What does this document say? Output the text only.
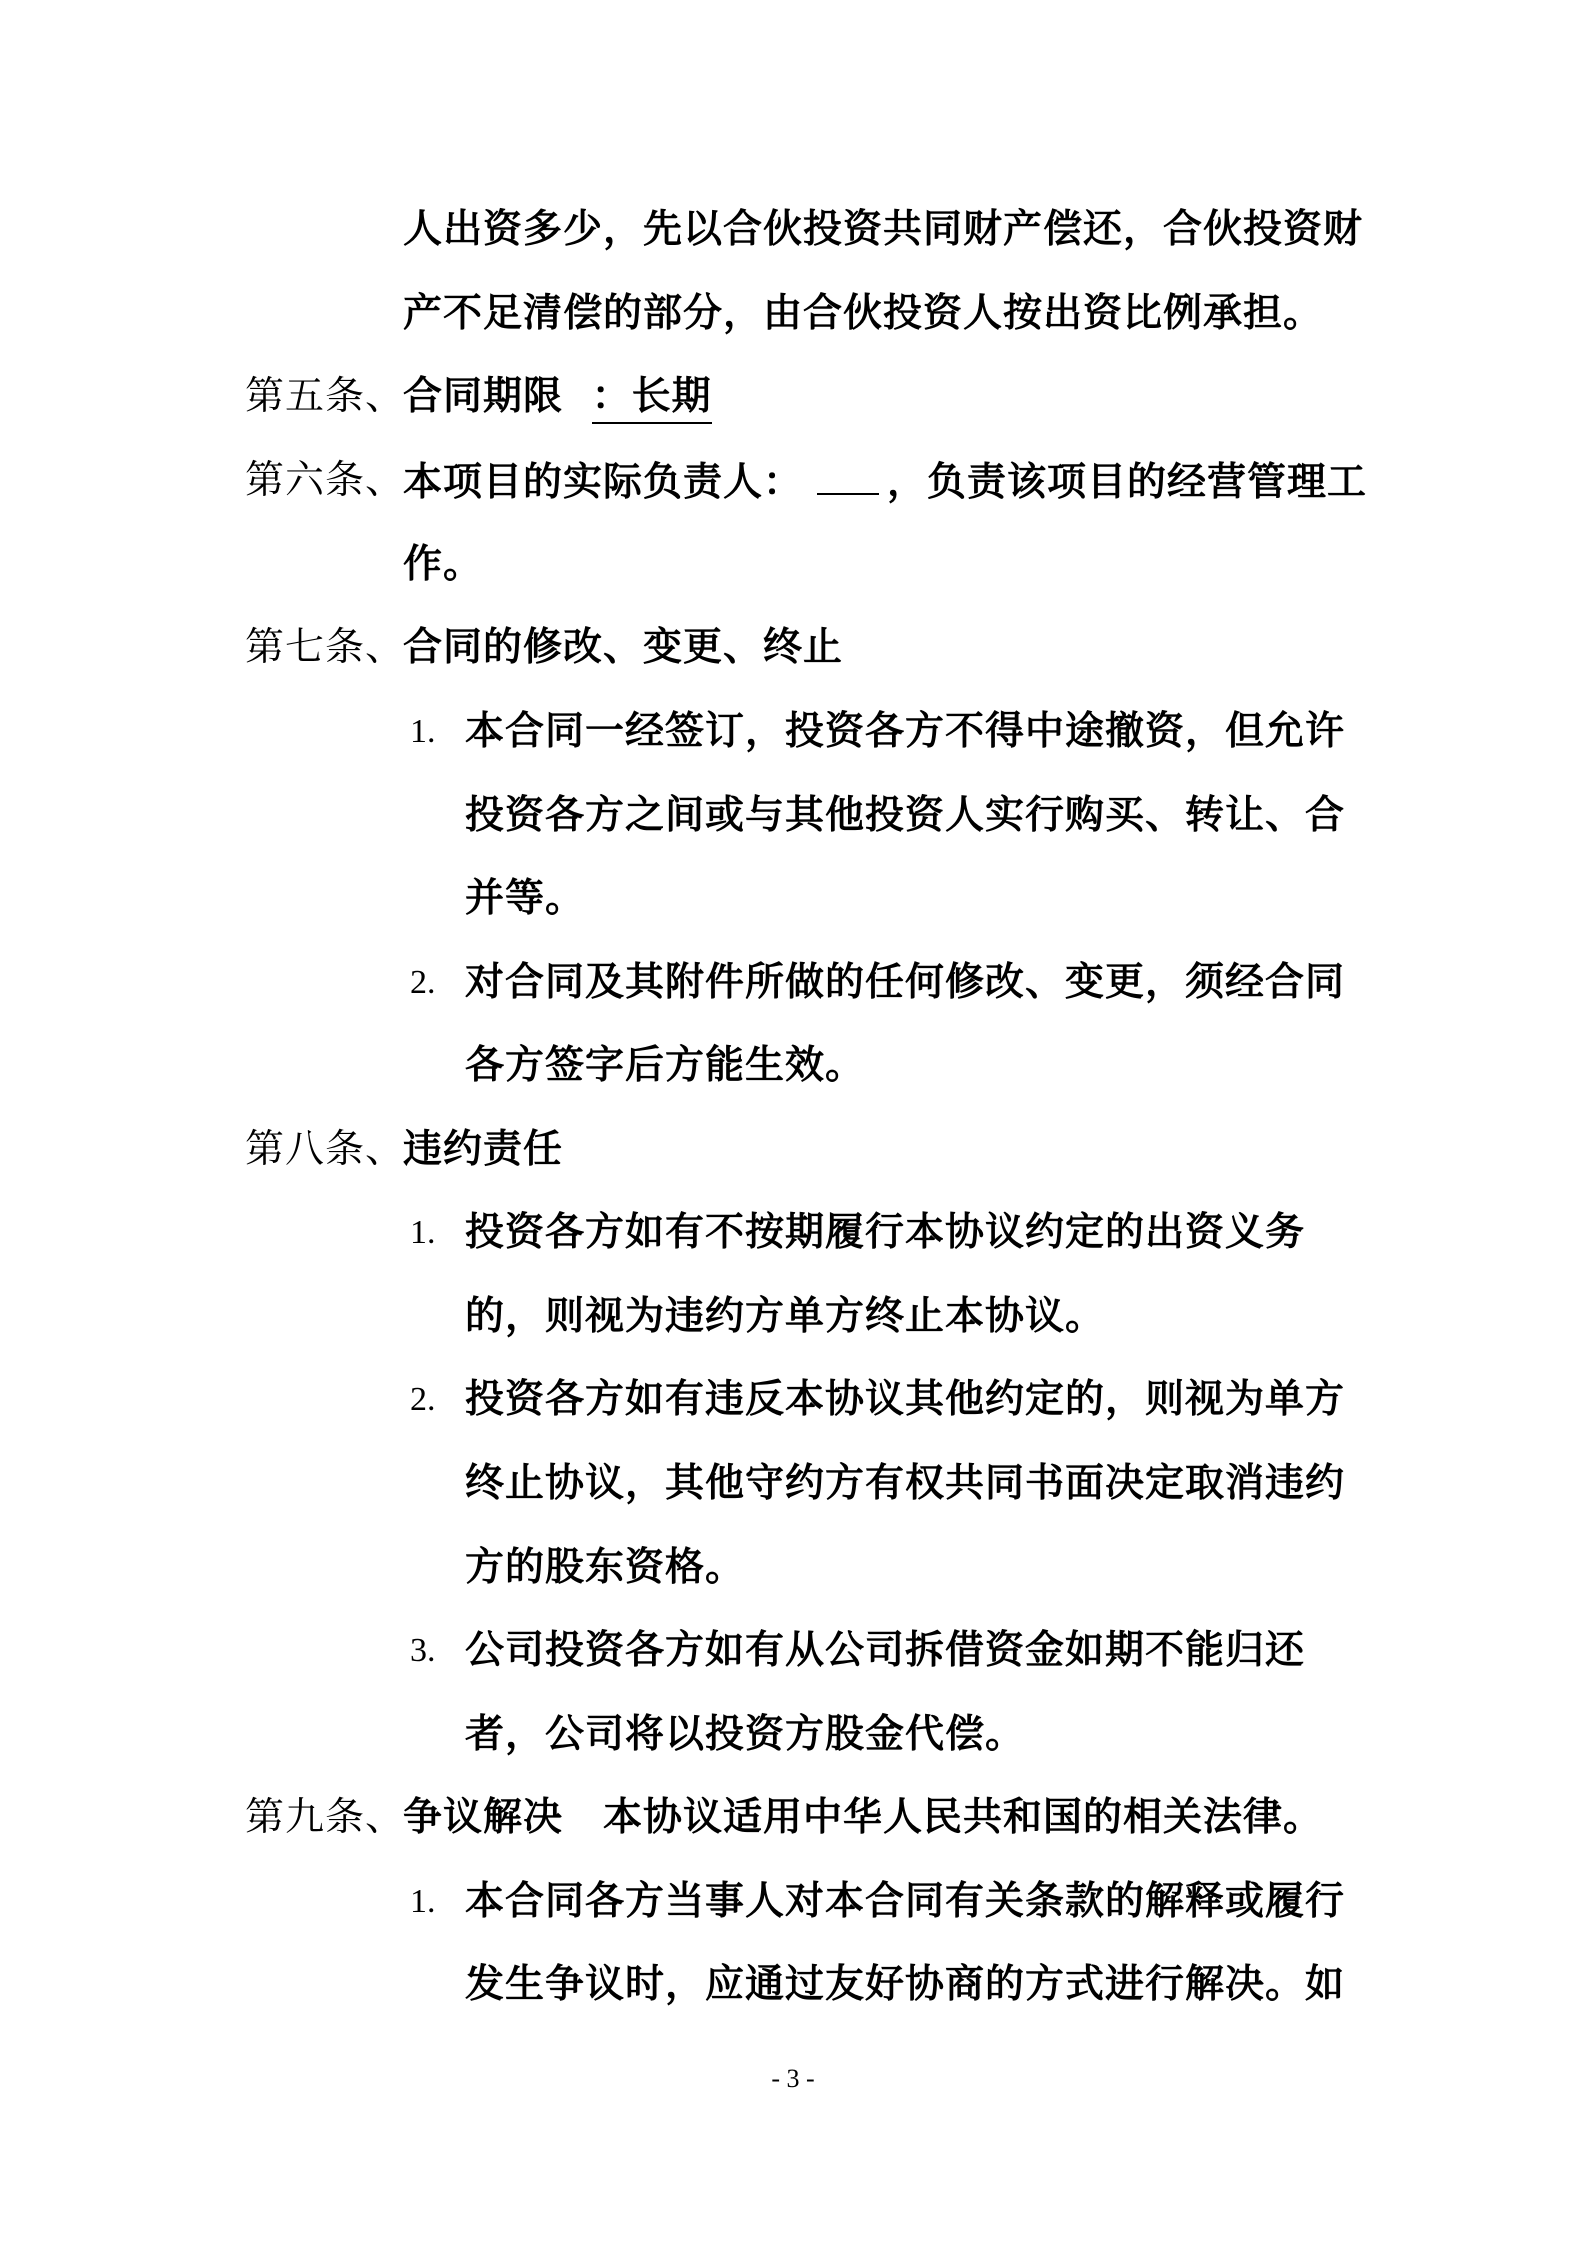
人出资多少，先以合伙投资共同财产偿还，合伙投资财
产不足清偿的部分，由合伙投资人按出资比例承担。
第五条、
合同期限 ：长期
第六条、
本项目的实际负责人： ，负责该项目的经营管理工
作。
第七条、
合同的修改、变更、终止
1. 本合同一经签订，投资各方不得中途撤资，但允许
投资各方之间或与其他投资人实行购买、转让、合
并等。
2. 对合同及其附件所做的任何修改、变更，须经合同
各方签字后方能生效。
第八条、
违约责任
1. 投资各方如有不按期履行本协议约定的出资义务
的，则视为违约方单方终止本协议。
2. 投资各方如有违反本协议其他约定的，则视为单方
终止协议，其他守约方有权共同书面决定取消违约
方的股东资格。
3. 公司投资各方如有从公司拆借资金如期不能归还
者，公司将以投资方股金代偿。
第九条、
争议解决 本协议适用中华人民共和国的相关法律。
1. 本合同各方当事人对本合同有关条款的解释或履行
发生争议时，应通过友好协商的方式进行解决。如
- 3 -
